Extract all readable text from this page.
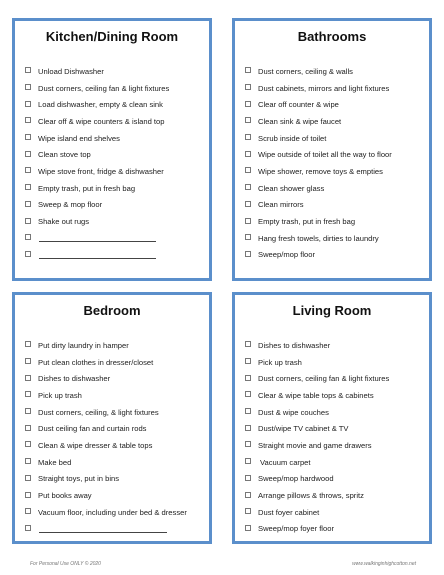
Kitchen/Dining Room
Unload Dishwasher
Dust corners, ceiling fan & light fixtures
Load dishwasher, empty & clean sink
Clear off & wipe counters & island top
Wipe island end shelves
Clean stove top
Wipe stove front, fridge & dishwasher
Empty trash, put in fresh bag
Sweep & mop floor
Shake out rugs
Bathrooms
Dust corners, ceiling & walls
Dust cabinets, mirrors and light fixtures
Clear off counter & wipe
Clean sink & wipe faucet
Scrub inside of toilet
Wipe outside of toilet all the way to floor
Wipe shower, remove toys & empties
Clean shower glass
Clean mirrors
Empty trash, put in fresh bag
Hang fresh towels, dirties to laundry
Sweep/mop floor
Bedroom
Put dirty laundry in hamper
Put clean clothes in dresser/closet
Dishes to dishwasher
Pick up trash
Dust corners, ceiling, & light fixtures
Dust ceiling fan and curtain rods
Clean & wipe dresser & table tops
Make bed
Straight toys, put in bins
Put books away
Vacuum floor, including under bed & dresser
Living Room
Dishes to dishwasher
Pick up trash
Dust corners, ceiling fan & light fixtures
Clear & wipe table tops & cabinets
Dust & wipe couches
Dust/wipe TV cabinet & TV
Straight movie and game drawers
Vacuum carpet
Sweep/mop hardwood
Arrange pillows & throws, spritz
Dust foyer cabinet
Sweep/mop foyer floor
For Personal Use ONLY © 2020	www.walkinginhighcotton.net
